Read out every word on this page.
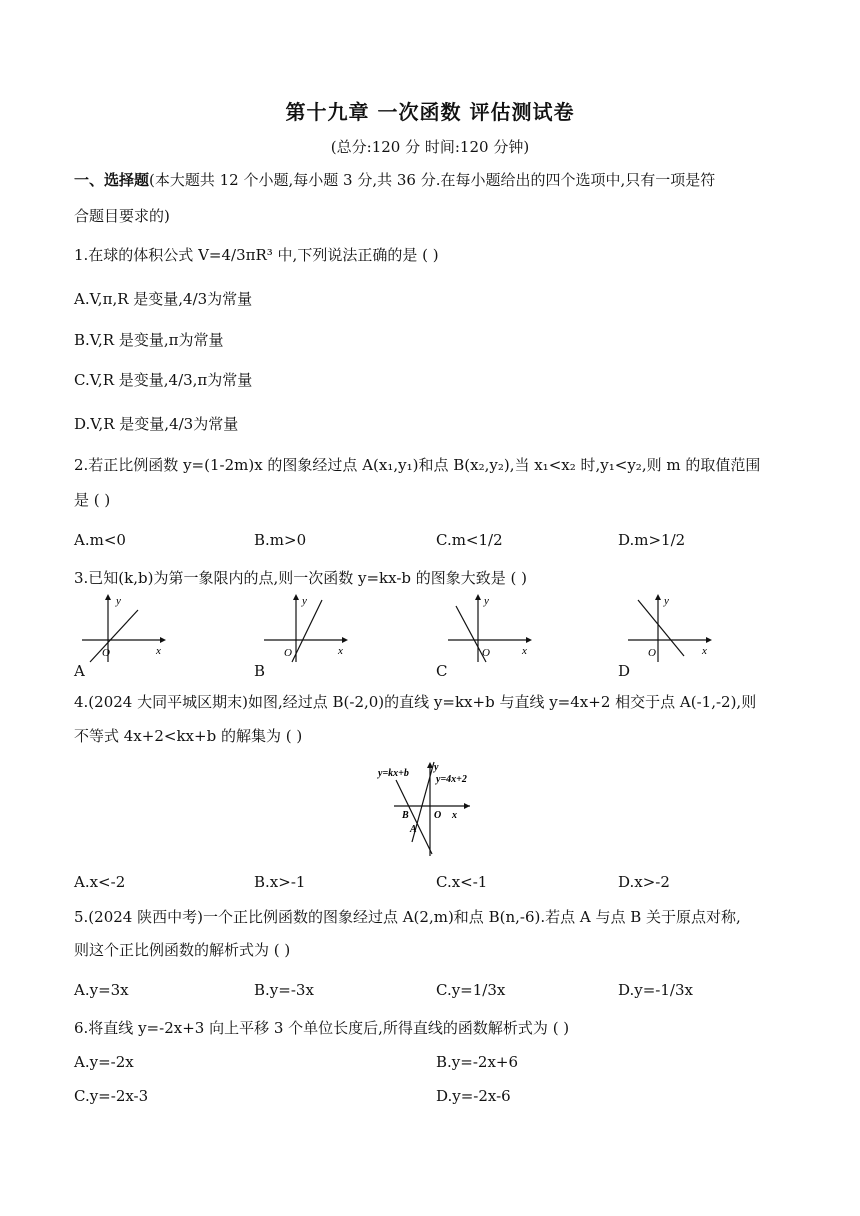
第十九章 一次函数 评估测试卷
(总分:120 分 时间:120 分钟)
一、选择题(本大题共 12 个小题,每小题 3 分,共 36 分.在每小题给出的四个选项中,只有一项是符
合题目要求的)
1.在球的体积公式 V=4/3πR³ 中,下列说法正确的是 ( )
A.V,π,R 是变量,4/3为常量
B.V,R 是变量,π为常量
C.V,R 是变量,4/3,π为常量
D.V,R 是变量,4/3为常量
2.若正比例函数 y=(1-2m)x 的图象经过点 A(x₁,y₁)和点 B(x₂,y₂),当 x₁<x₂ 时,y₁<y₂,则 m 的取值范围
是 ( )
A.m<0	B.m>0	C.m<1/2	D.m>1/2
3.已知(k,b)为第一象限内的点,则一次函数 y=kx-b 的图象大致是 ( )
y
x
O
A
y
x
O
B
y
x
O
C
y
x
O
D
4.(2024 大同平城区期末)如图,经过点 B(-2,0)的直线 y=kx+b 与直线 y=4x+2 相交于点 A(-1,-2),则
不等式 4x+2<kx+b 的解集为 ( )
y=kx+b
y=4x+2
y
x
O
B
A
A.x<-2	B.x>-1	C.x<-1	D.x>-2
5.(2024 陕西中考)一个正比例函数的图象经过点 A(2,m)和点 B(n,-6).若点 A 与点 B 关于原点对称,
则这个正比例函数的解析式为 ( )
A.y=3x	B.y=-3x	C.y=1/3x	D.y=-1/3x
6.将直线 y=-2x+3 向上平移 3 个单位长度后,所得直线的函数解析式为 ( )
A.y=-2x	B.y=-2x+6
C.y=-2x-3	D.y=-2x-6
